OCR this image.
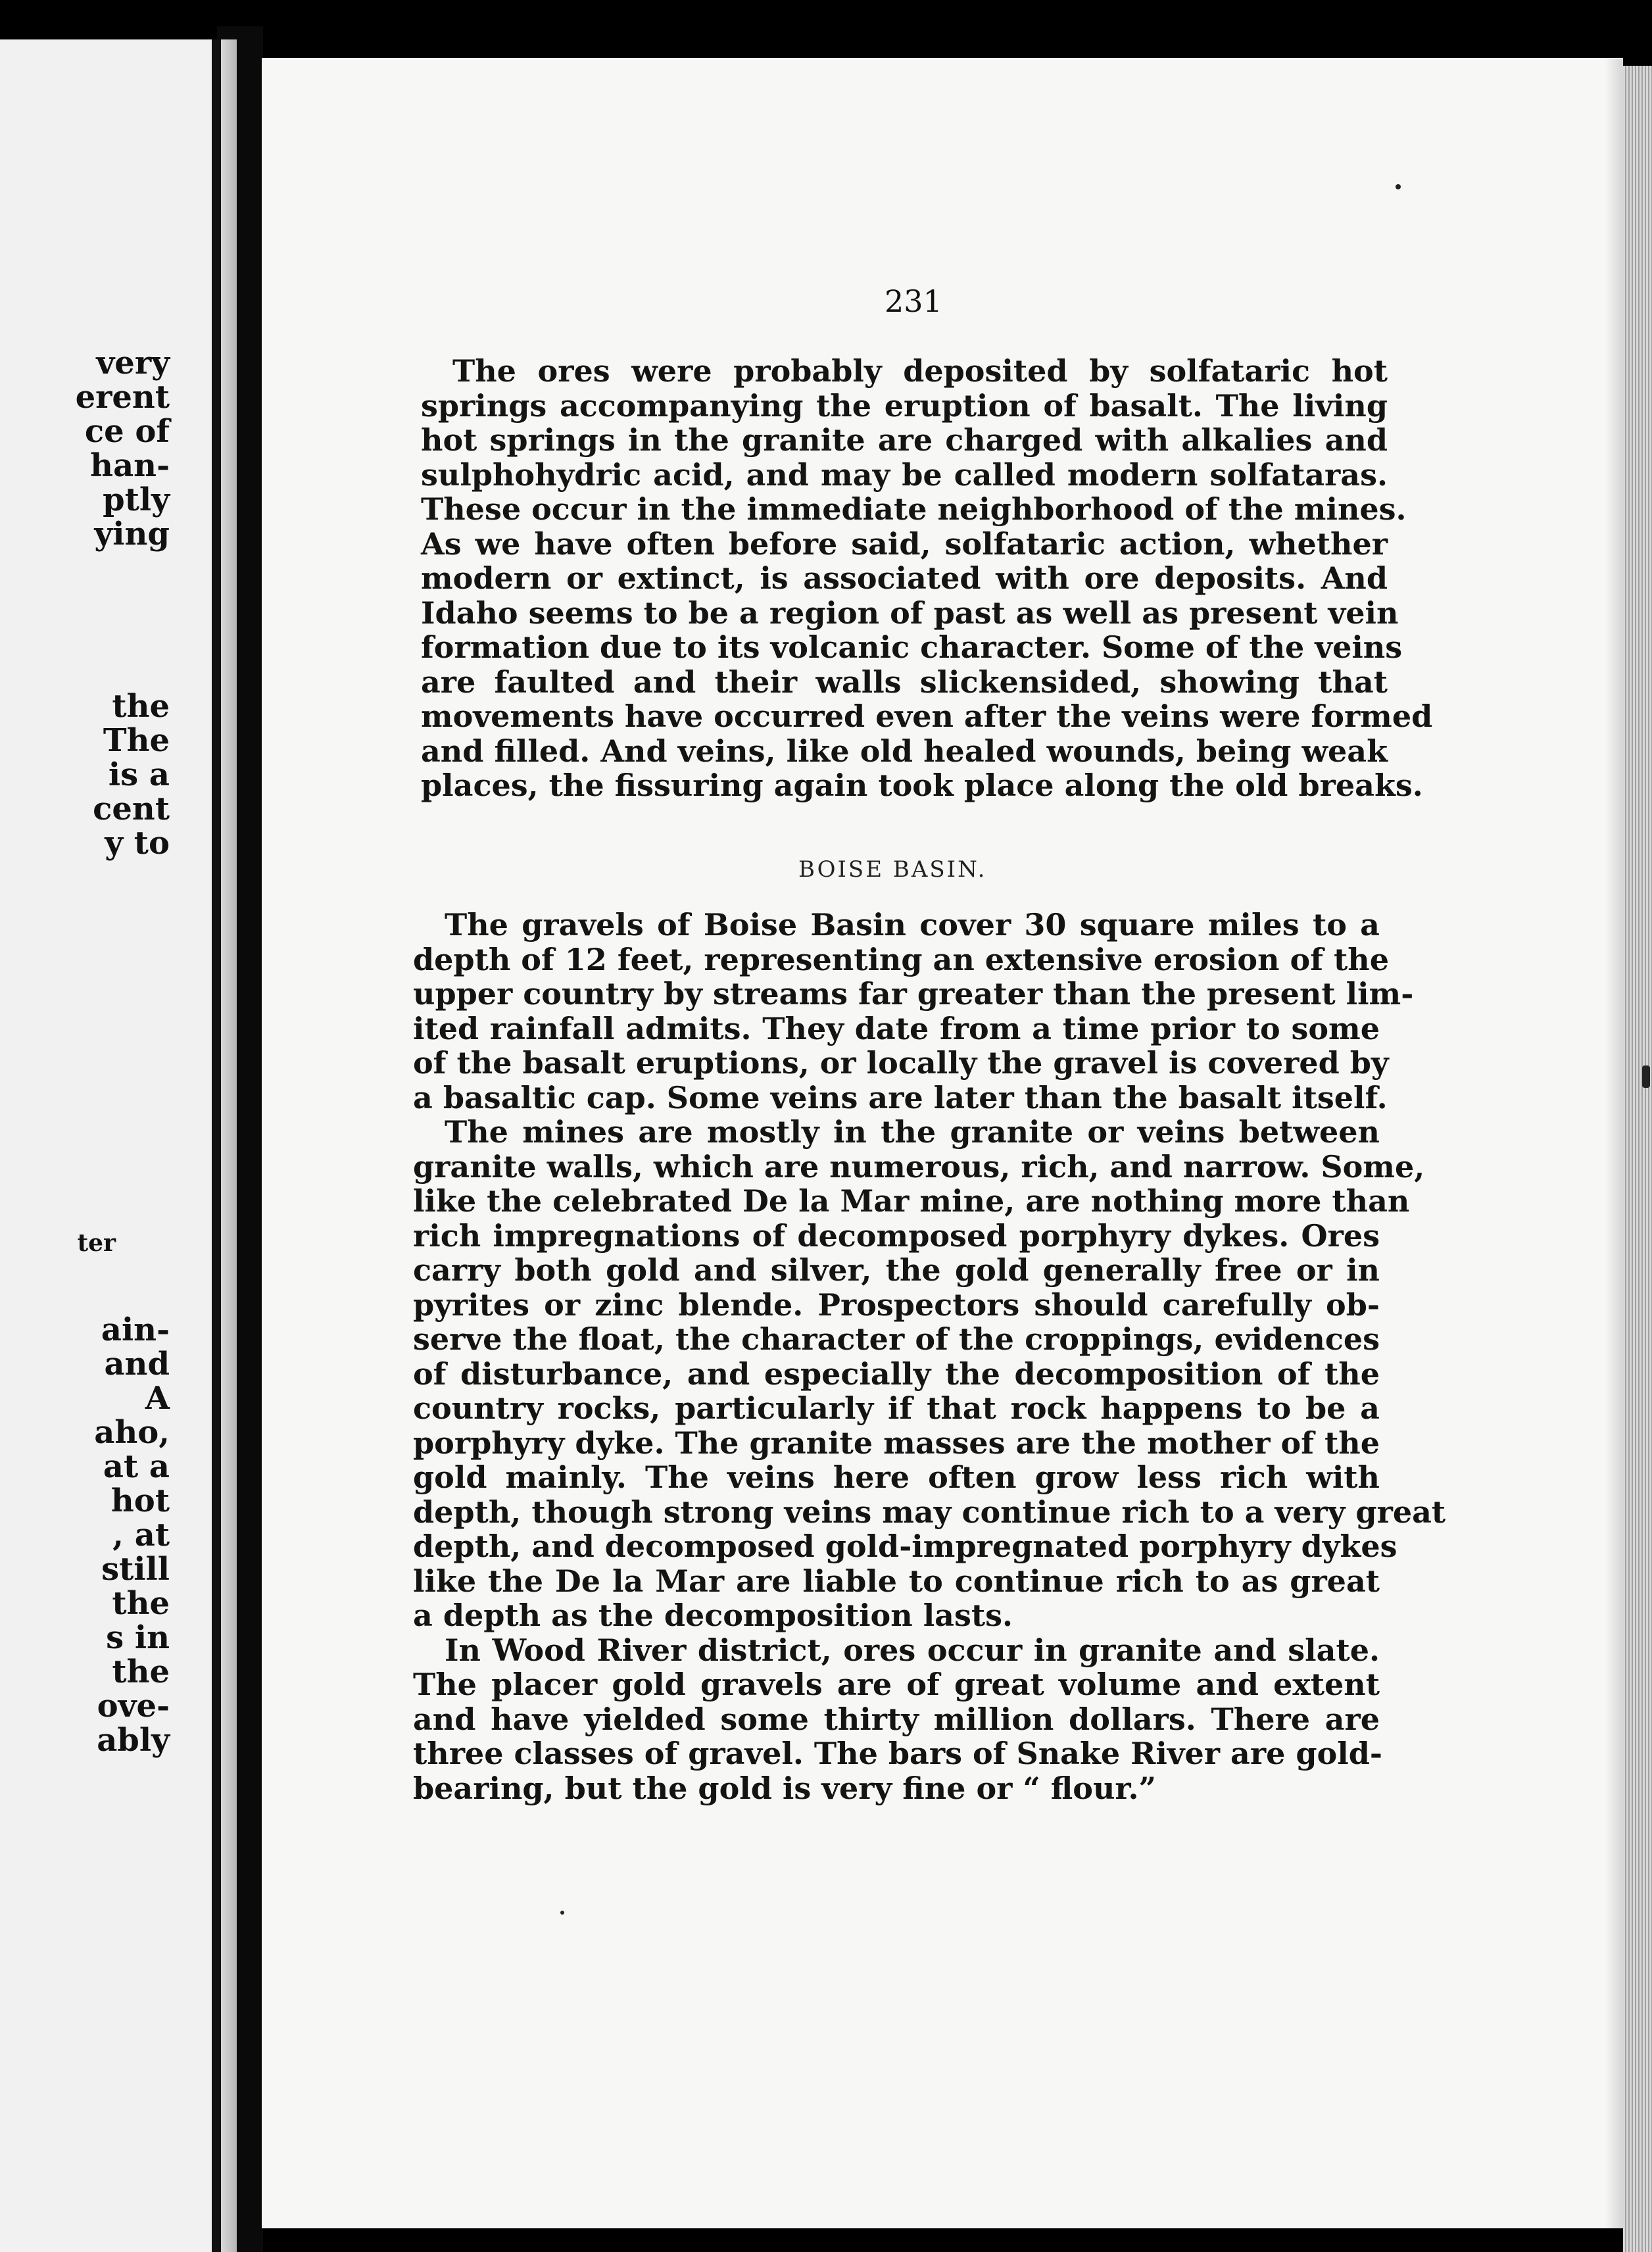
very
erent
ce of
han-
ptly
ying
the
The
is a
cent
y to
ter
ain-
and
A
aho,
at a
hot
, at
still
the
s in
the
ove-
ably
231
The ores were probably deposited by solfataric hot
springs accompanying the eruption of basalt. The living
hot springs in the granite are charged with alkalies and
sulphohydric acid, and may be called modern solfataras.
These occur in the immediate neighborhood of the mines.
As we have often before said, solfataric action, whether
modern or extinct, is associated with ore deposits. And
Idaho seems to be a region of past as well as present vein
formation due to its volcanic character. Some of the veins
are faulted and their walls slickensided, showing that
movements have occurred even after the veins were formed
and filled. And veins, like old healed wounds, being weak
places, the fissuring again took place along the old breaks.
BOISE BASIN.
The gravels of Boise Basin cover 30 square miles to a
depth of 12 feet, representing an extensive erosion of the
upper country by streams far greater than the present lim-
ited rainfall admits. They date from a time prior to some
of the basalt eruptions, or locally the gravel is covered by
a basaltic cap. Some veins are later than the basalt itself.
The mines are mostly in the granite or veins between
granite walls, which are numerous, rich, and narrow. Some,
like the celebrated De la Mar mine, are nothing more than
rich impregnations of decomposed porphyry dykes. Ores
carry both gold and silver, the gold generally free or in
pyrites or zinc blende. Prospectors should carefully ob-
serve the float, the character of the croppings, evidences
of disturbance, and especially the decomposition of the
country rocks, particularly if that rock happens to be a
porphyry dyke. The granite masses are the mother of the
gold mainly. The veins here often grow less rich with
depth, though strong veins may continue rich to a very great
depth, and decomposed gold-impregnated porphyry dykes
like the De la Mar are liable to continue rich to as great
a depth as the decomposition lasts.
In Wood River district, ores occur in granite and slate.
The placer gold gravels are of great volume and extent
and have yielded some thirty million dollars. There are
three classes of gravel. The bars of Snake River are gold-
bearing, but the gold is very fine or “ flour.”
